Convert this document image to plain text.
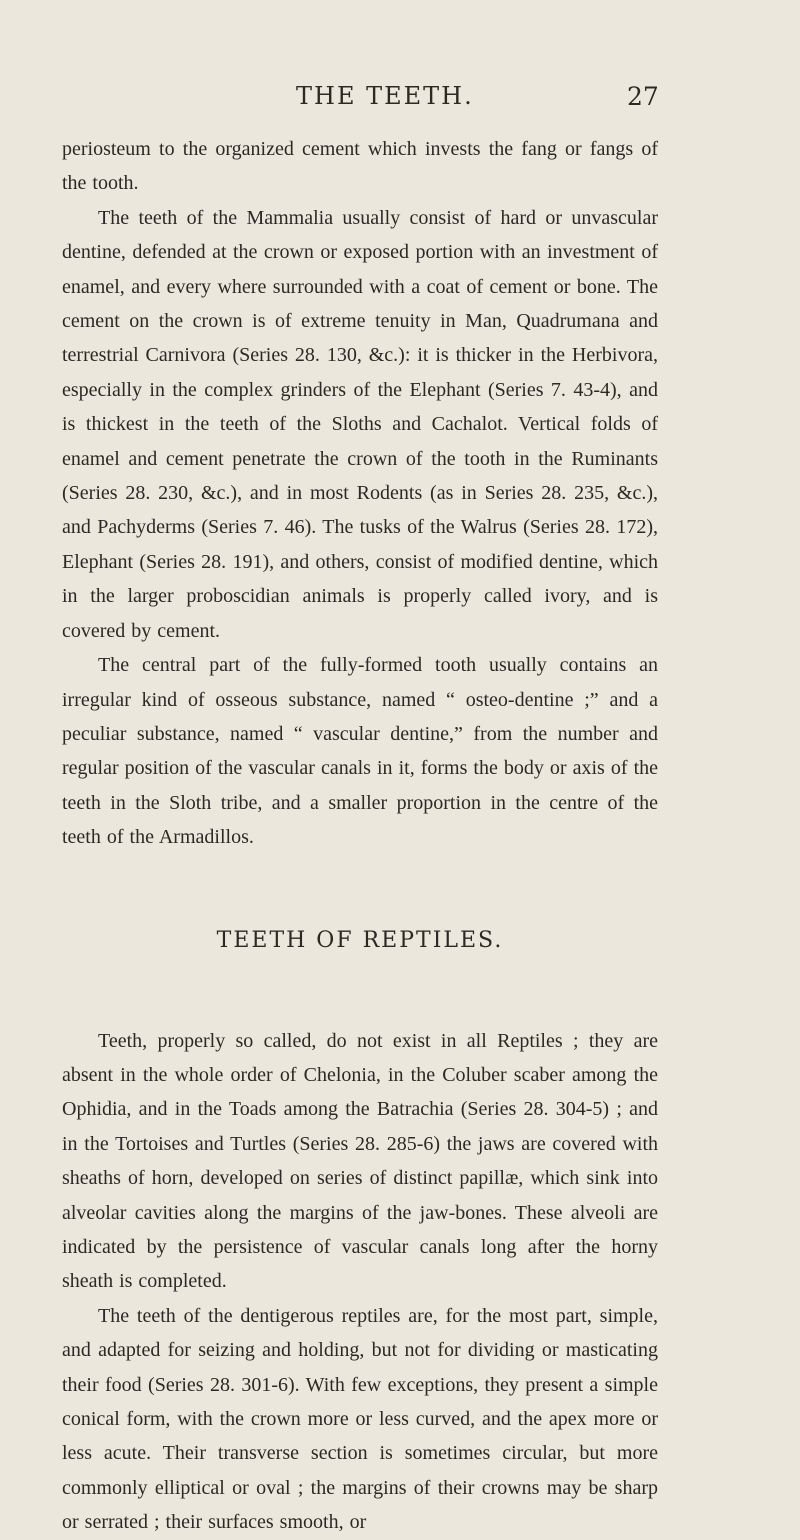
THE TEETH.	27

periosteum to the organized cement which invests the fang or fangs of the tooth.

The teeth of the Mammalia usually consist of hard or unvascular dentine, defended at the crown or exposed portion with an investment of enamel, and every where surrounded with a coat of cement or bone. The cement on the crown is of extreme tenuity in Man, Quadrumana and terrestrial Carnivora (Series 28. 130, &c.): it is thicker in the Herbivora, especially in the complex grinders of the Elephant (Series 7. 43-4), and is thickest in the teeth of the Sloths and Cachalot. Vertical folds of enamel and cement penetrate the crown of the tooth in the Ruminants (Series 28. 230, &c.), and in most Rodents (as in Series 28. 235, &c.), and Pachyderms (Series 7. 46). The tusks of the Walrus (Series 28. 172), Elephant (Series 28. 191), and others, consist of modified dentine, which in the larger proboscidian animals is properly called ivory, and is covered by cement.

The central part of the fully-formed tooth usually contains an irregular kind of osseous substance, named “ osteo-dentine ;” and a peculiar substance, named “ vascular dentine,” from the number and regular position of the vascular canals in it, forms the body or axis of the teeth in the Sloth tribe, and a smaller proportion in the centre of the teeth of the Armadillos.

TEETH OF REPTILES.

Teeth, properly so called, do not exist in all Reptiles ; they are absent in the whole order of Chelonia, in the Coluber scaber among the Ophidia, and in the Toads among the Batrachia (Series 28. 304-5) ; and in the Tortoises and Turtles (Series 28. 285-6) the jaws are covered with sheaths of horn, developed on series of distinct papillæ, which sink into alveolar cavities along the margins of the jaw-bones. These alveoli are indicated by the persistence of vascular canals long after the horny sheath is completed.

The teeth of the dentigerous reptiles are, for the most part, simple, and adapted for seizing and holding, but not for dividing or masticating their food (Series 28. 301-6). With few exceptions, they present a simple conical form, with the crown more or less curved, and the apex more or less acute. Their transverse section is sometimes circular, but more commonly elliptical or oval ; the margins of their crowns may be sharp or serrated ; their surfaces smooth, or
